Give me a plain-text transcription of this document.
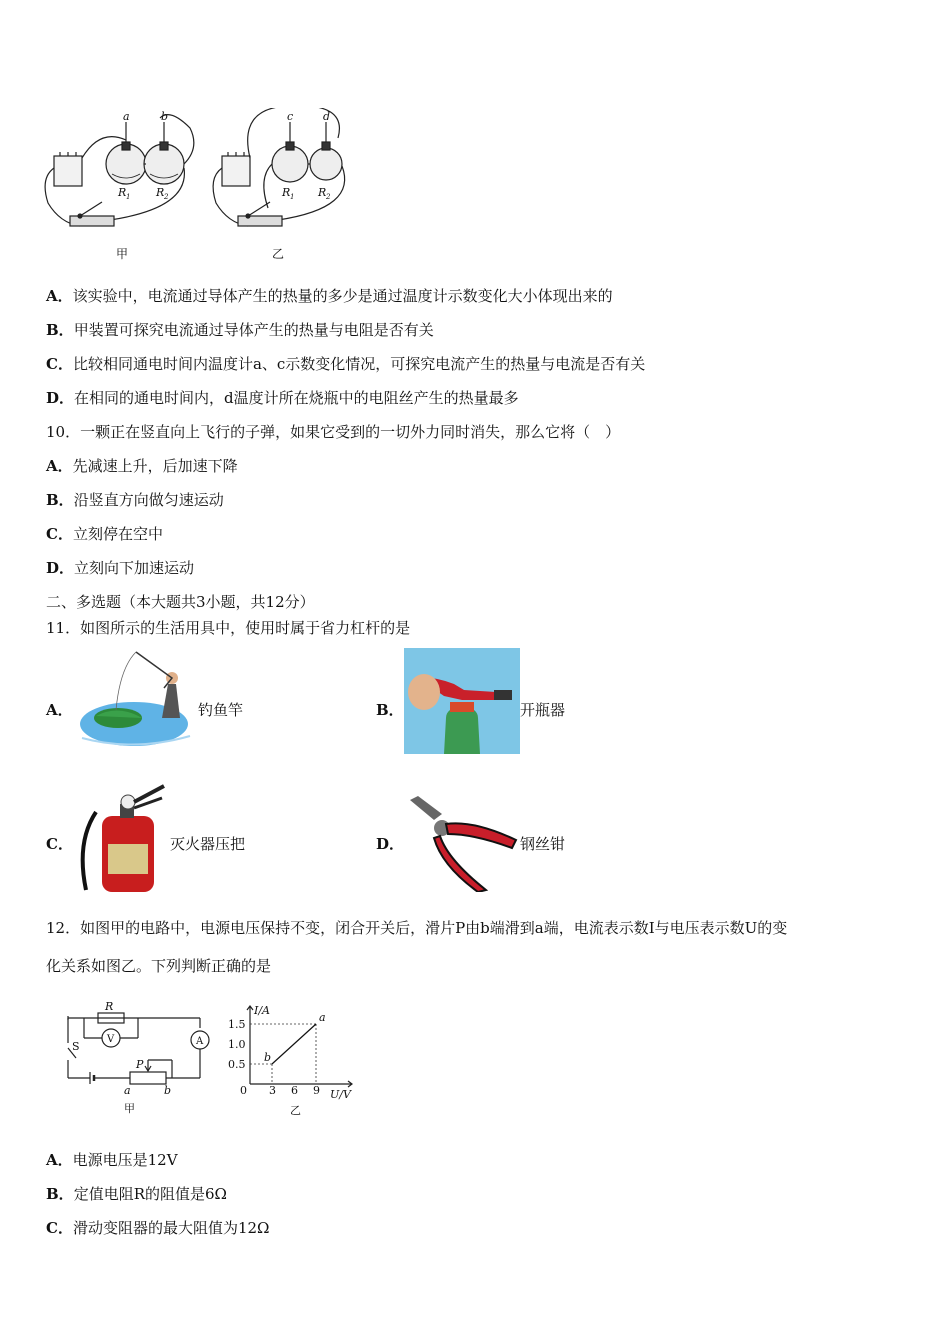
a	b	c	d
R 1 R 2	R 1 R 2
甲	乙
A．该实验中，电流通过导体产生的热量的多少是通过温度计示数变化大小体现出来的
B．甲装置可探究电流通过导体产生的热量与电阻是否有关
C．比较相同通电时间内温度计a、c示数变化情况，可探究电流产生的热量与电流是否有关
D．在相同的通电时间内，d温度计所在烧瓶中的电阻丝产生的热量最多
10．一颗正在竖直向上飞行的子弹，如果它受到的一切外力同时消失，那么它将（　）
A．先减速上升，后加速下降
B．沿竖直方向做匀速运动
C．立刻停在空中
D．立刻向下加速运动
二、多选题（本大题共3小题，共12分）
11．如图所示的生活用具中，使用时属于省力杠杆的是
A．	钓鱼竿	B．	开瓶器
C．	灭火器压把	D．	钢丝钳
12．如图甲的电路中，电源电压保持不变，闭合开关后，滑片P由b端滑到a端，电流表示数I与电压表示数U的变
化关系如图乙。下列判断正确的是
R
V	A
S
P
a	b
甲
b
a
1.5
1.0
0.5
3 6 9
I/A
U/V
0
乙
A．电源电压是12V
B．定值电阻R的阻值是6Ω
C．滑动变阻器的最大阻值为12Ω
